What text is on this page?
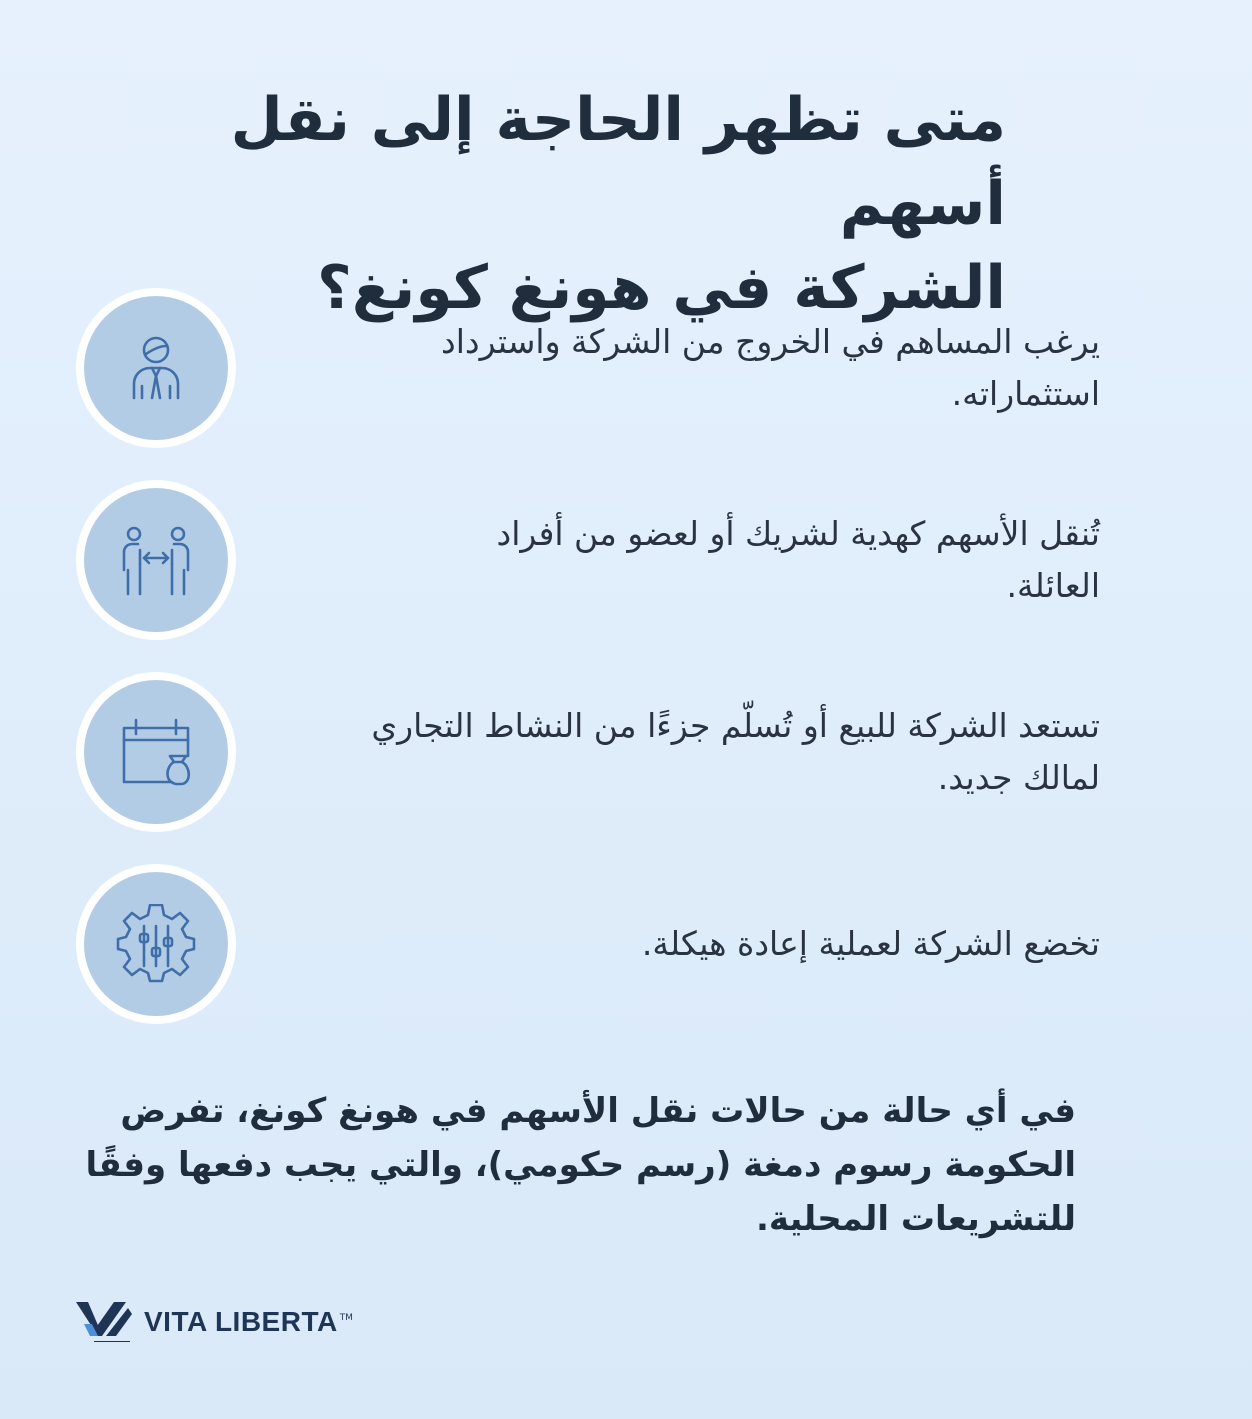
متى تظهر الحاجة إلى نقل أسهم
الشركة في هونغ كونغ؟
يرغب المساهم في الخروج من الشركة واسترداد
استثماراته.
تُنقل الأسهم كهدية لشريك أو لعضو من أفراد
العائلة.
تستعد الشركة للبيع أو تُسلّم جزءًا من النشاط التجاري
لمالك جديد.
تخضع الشركة لعملية إعادة هيكلة.
في أي حالة من حالات نقل الأسهم في هونغ كونغ، تفرض
الحكومة رسوم دمغة (رسم حكومي)، والتي يجب دفعها وفقًا
للتشريعات المحلية.
VITA LIBERTA TM
